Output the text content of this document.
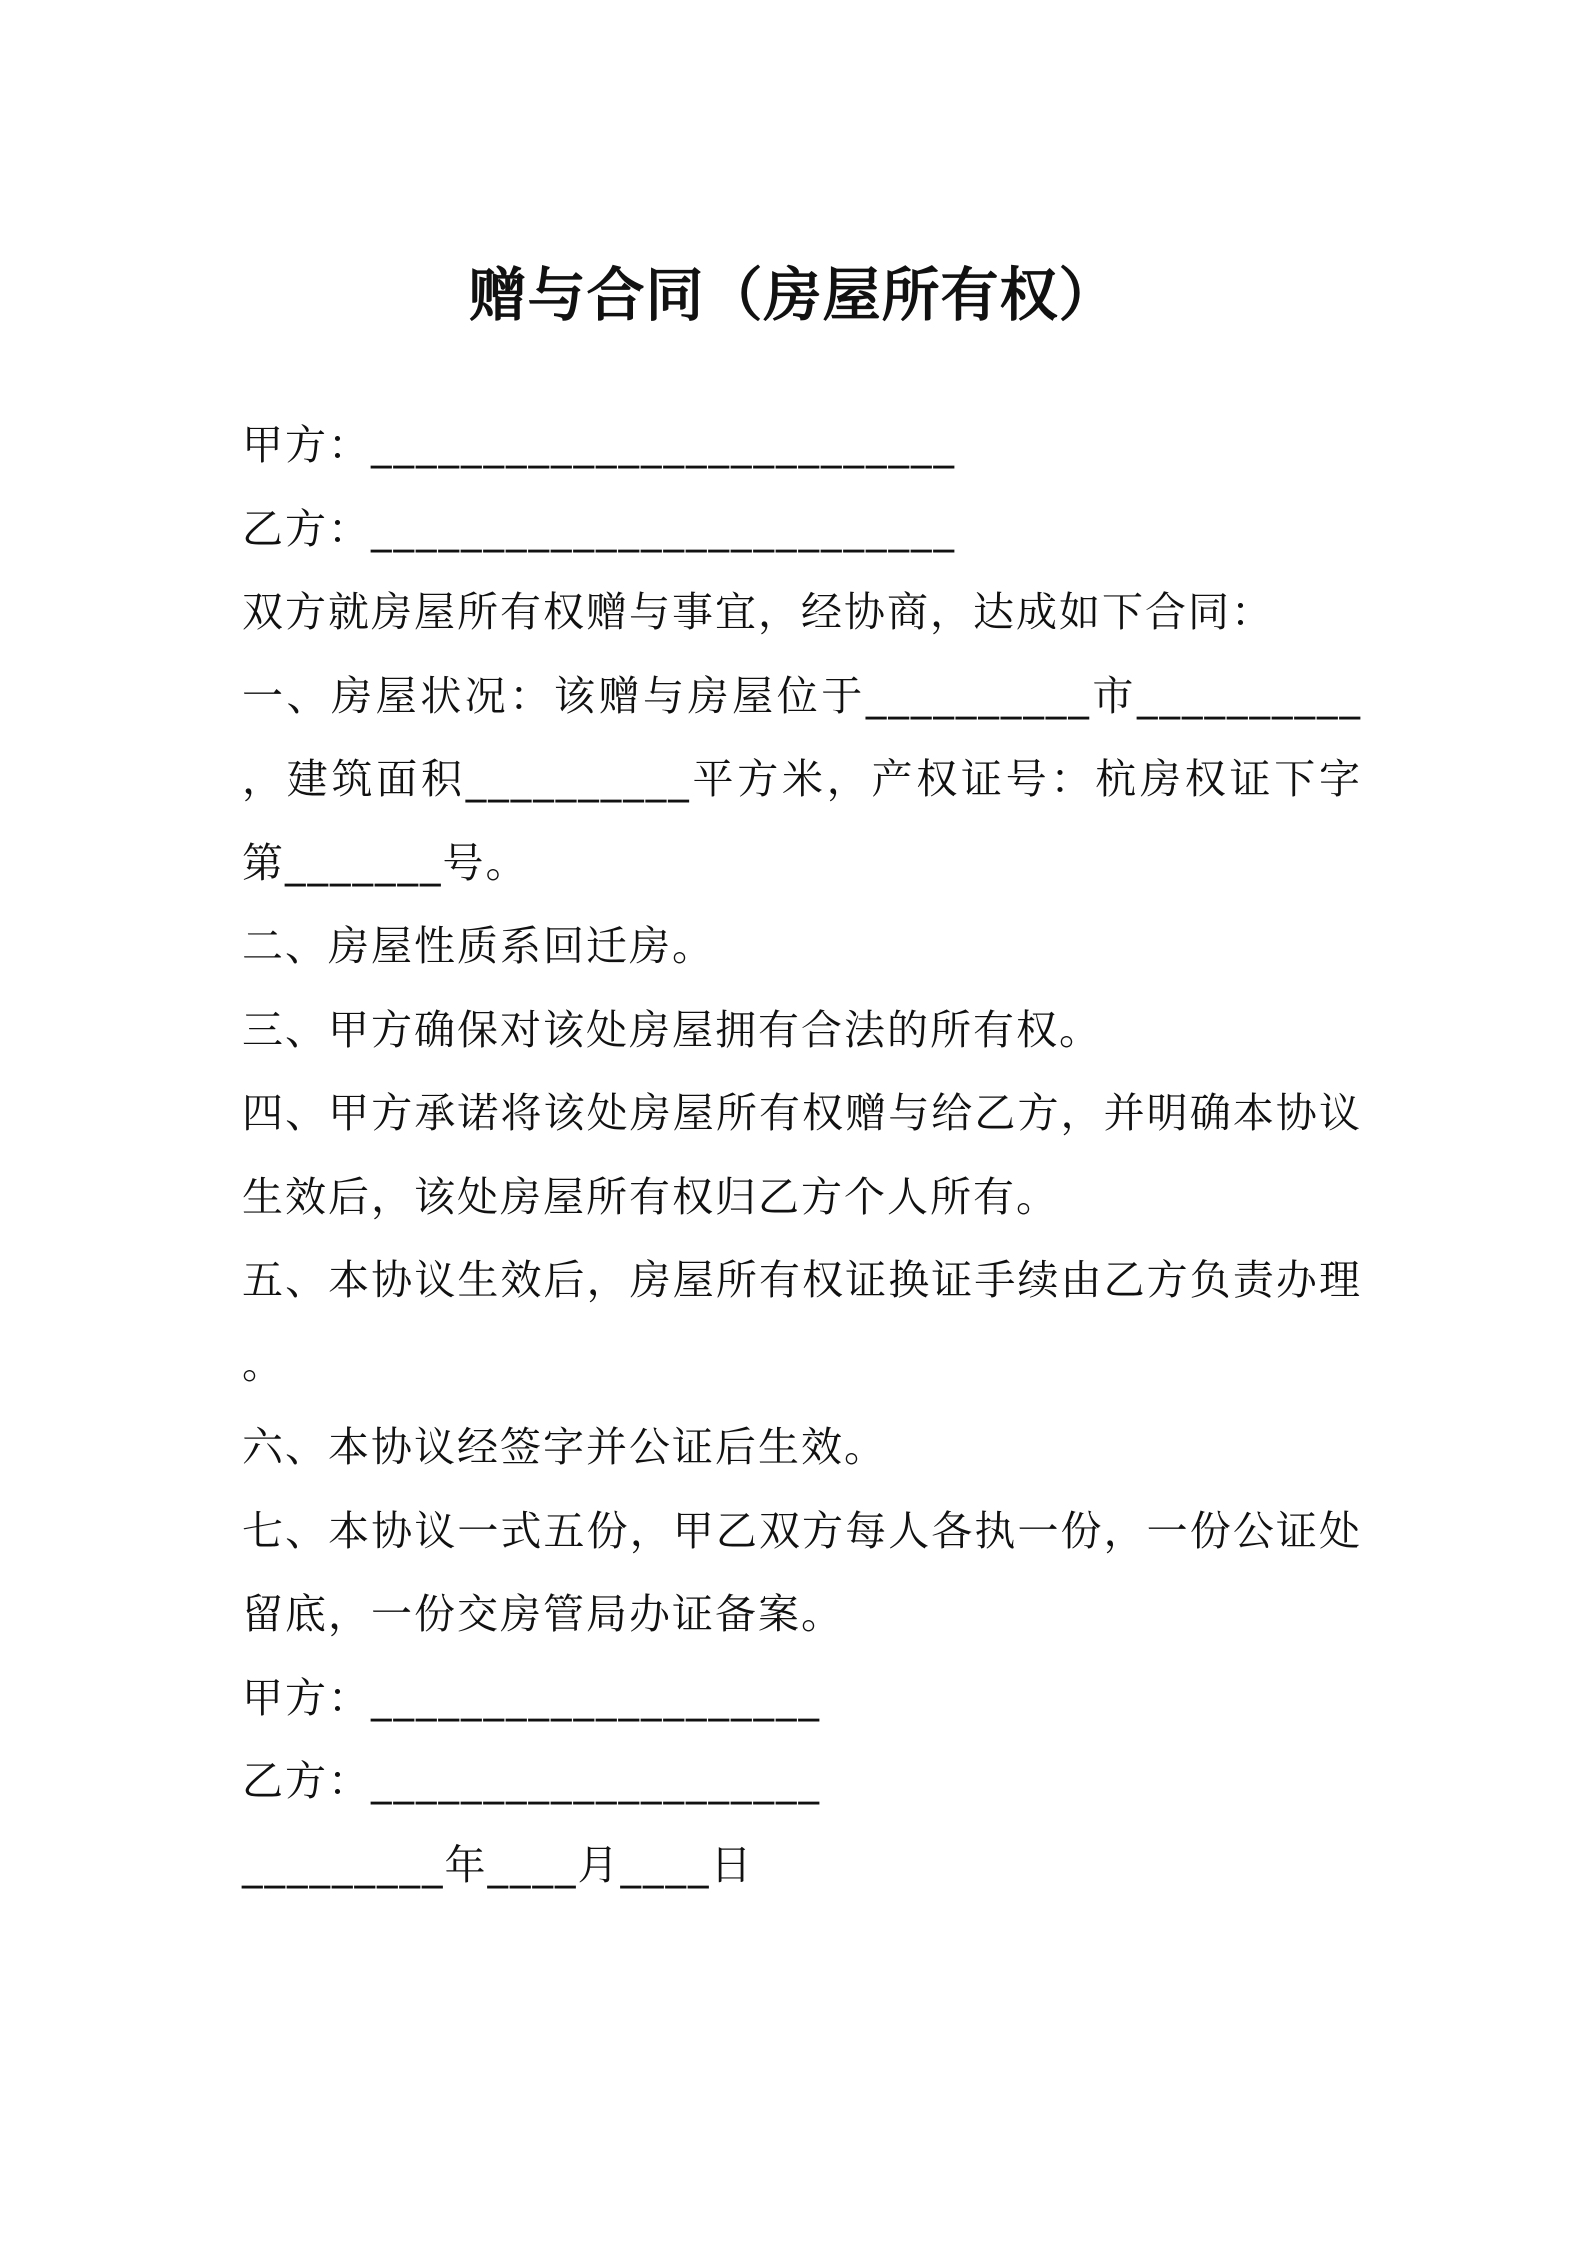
赠与合同（房屋所有权）
甲方：__________________________
乙方：__________________________
双方就房屋所有权赠与事宜，经协商，达成如下合同：
一、房屋状况：该赠与房屋位于__________市__________
，建筑面积__________平方米，产权证号：杭房权证下字
第_______号。
二、房屋性质系回迁房。
三、甲方确保对该处房屋拥有合法的所有权。
四、甲方承诺将该处房屋所有权赠与给乙方，并明确本协议
生效后，该处房屋所有权归乙方个人所有。
五、本协议生效后，房屋所有权证换证手续由乙方负责办理
。
六、本协议经签字并公证后生效。
七、本协议一式五份，甲乙双方每人各执一份，一份公证处
留底，一份交房管局办证备案。
甲方：____________________
乙方：____________________
_________年____月____日
